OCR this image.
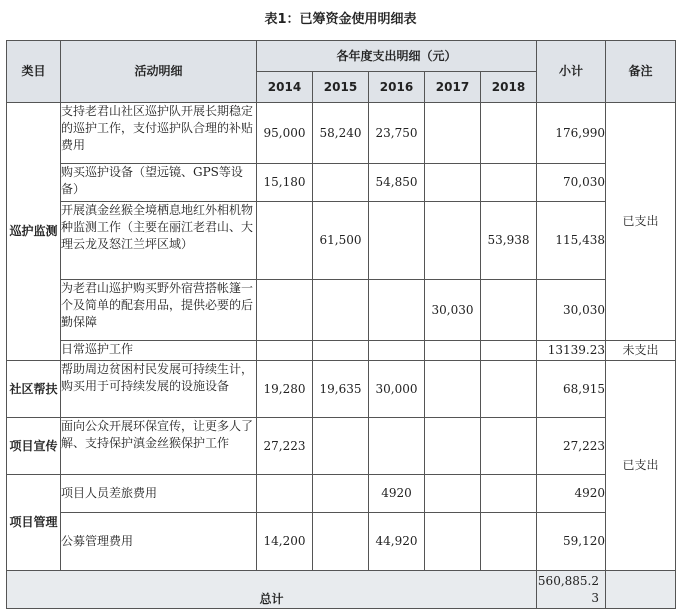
表1：已筹资金使用明细表
类目	活动明细	各年度支出明细（元）					小计	备注
		2014	2015	2016	2017	2018		
巡护监测	支持老君山社区巡护队开展长期稳定的巡护工作，支付巡护队合理的补贴费用	95,000	58,240	23,750			176,990	已支出
	购买巡护设备（望远镜、GPS等设备）	15,180		54,850			70,030	
	开展滇金丝猴全境栖息地红外相机物种监测工作（主要在丽江老君山、大理云龙及怒江兰坪区域）		61,500			53,938	115,438	
	为老君山巡护购买野外宿营搭帐篷一个及简单的配套用品，提供必要的后勤保障				30,030		30,030	
	日常巡护工作						13139.23	未支出
社区帮扶	帮助周边贫困村民发展可持续生计，购买用于可持续发展的设施设备	19,280	19,635	30,000			68,915	已支出
项目宣传	面向公众开展环保宣传，让更多人了解、支持保护滇金丝猴保护工作	27,223					27,223	
项目管理	项目人员差旅费用			4920			4920	
	公募管理费用	14,200		44,920			59,120	
总计							560,885.23	
